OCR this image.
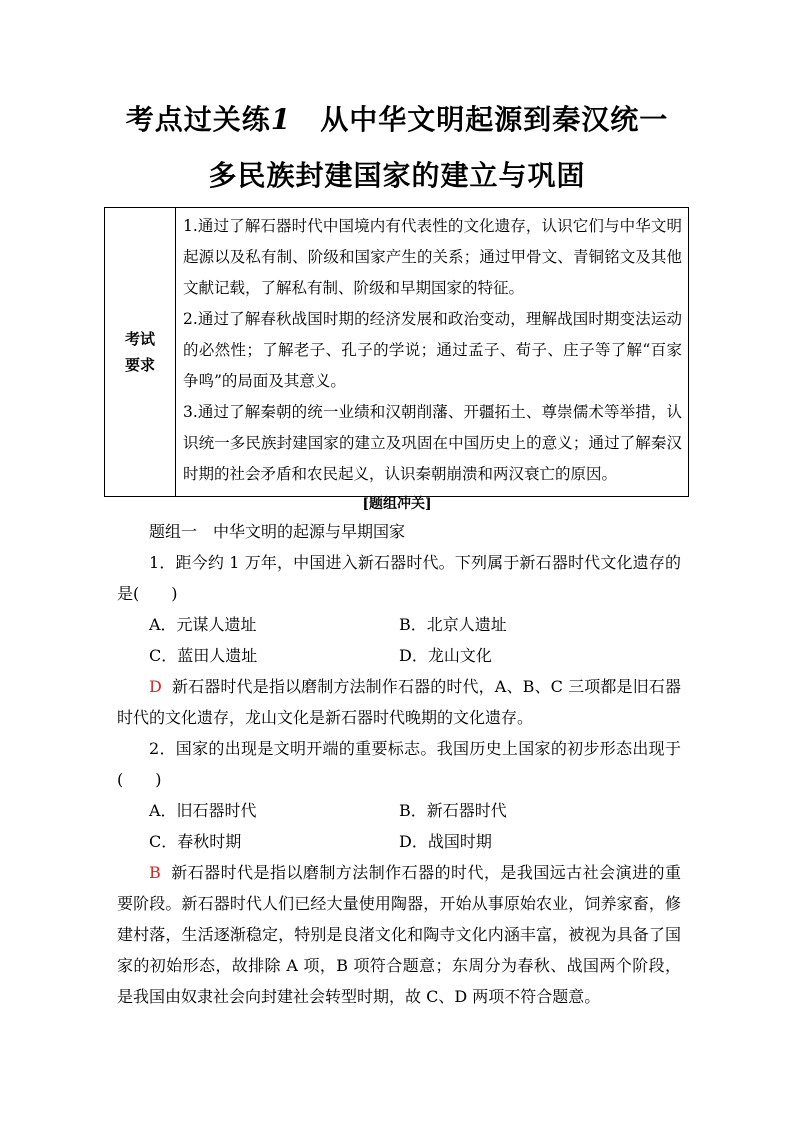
考点过关练1　 从中华文明起源到秦汉统一
多民族封建国家的建立与巩固
考试
要求	

1.通过了解石器时代中国境内有代表性的文化遗存，认识它们与中华文明起源以及私有制、阶级和国家产生的关系；通过甲骨文、青铜铭文及其他文献记载，了解私有制、阶级和早期国家的特征。

2.通过了解春秋战国时期的经济发展和政治变动，理解战国时期变法运动的必然性；了解老子、孔子的学说；通过孟子、荀子、庄子等了解“百家争鸣”的局面及其意义。

3.通过了解秦朝的统一业绩和汉朝削藩、开疆拓土、尊崇儒术等举措，认识统一多民族封建国家的建立及巩固在中国历史上的意义；通过了解秦汉时期的社会矛盾和农民起义，认识秦朝崩溃和两汉衰亡的原因。

[题组冲关]

题组一　中华文明的起源与早期国家

1．距今约 1 万年，中国进入新石器时代。下列属于新石器时代文化遗存的是(　　)

A．元谋人遗址	B．北京人遗址
C．蓝田人遗址	D．龙山文化

D 新石器时代是指以磨制方法制作石器的时代，A、B、C 三项都是旧石器时代的文化遗存，龙山文化是新石器时代晚期的文化遗存。

2．国家的出现是文明开端的重要标志。我国历史上国家的初步形态出现于(　　)

A．旧石器时代	B．新石器时代
C．春秋时期	D．战国时期

B 新石器时代是指以磨制方法制作石器的时代，是我国远古社会演进的重要阶段。新石器时代人们已经大量使用陶器，开始从事原始农业，饲养家畜，修建村落，生活逐渐稳定，特别是良渚文化和陶寺文化内涵丰富，被视为具备了国家的初始形态，故排除 A 项，B 项符合题意；东周分为春秋、战国两个阶段，是我国由奴隶社会向封建社会转型时期，故 C、D 两项不符合题意。
